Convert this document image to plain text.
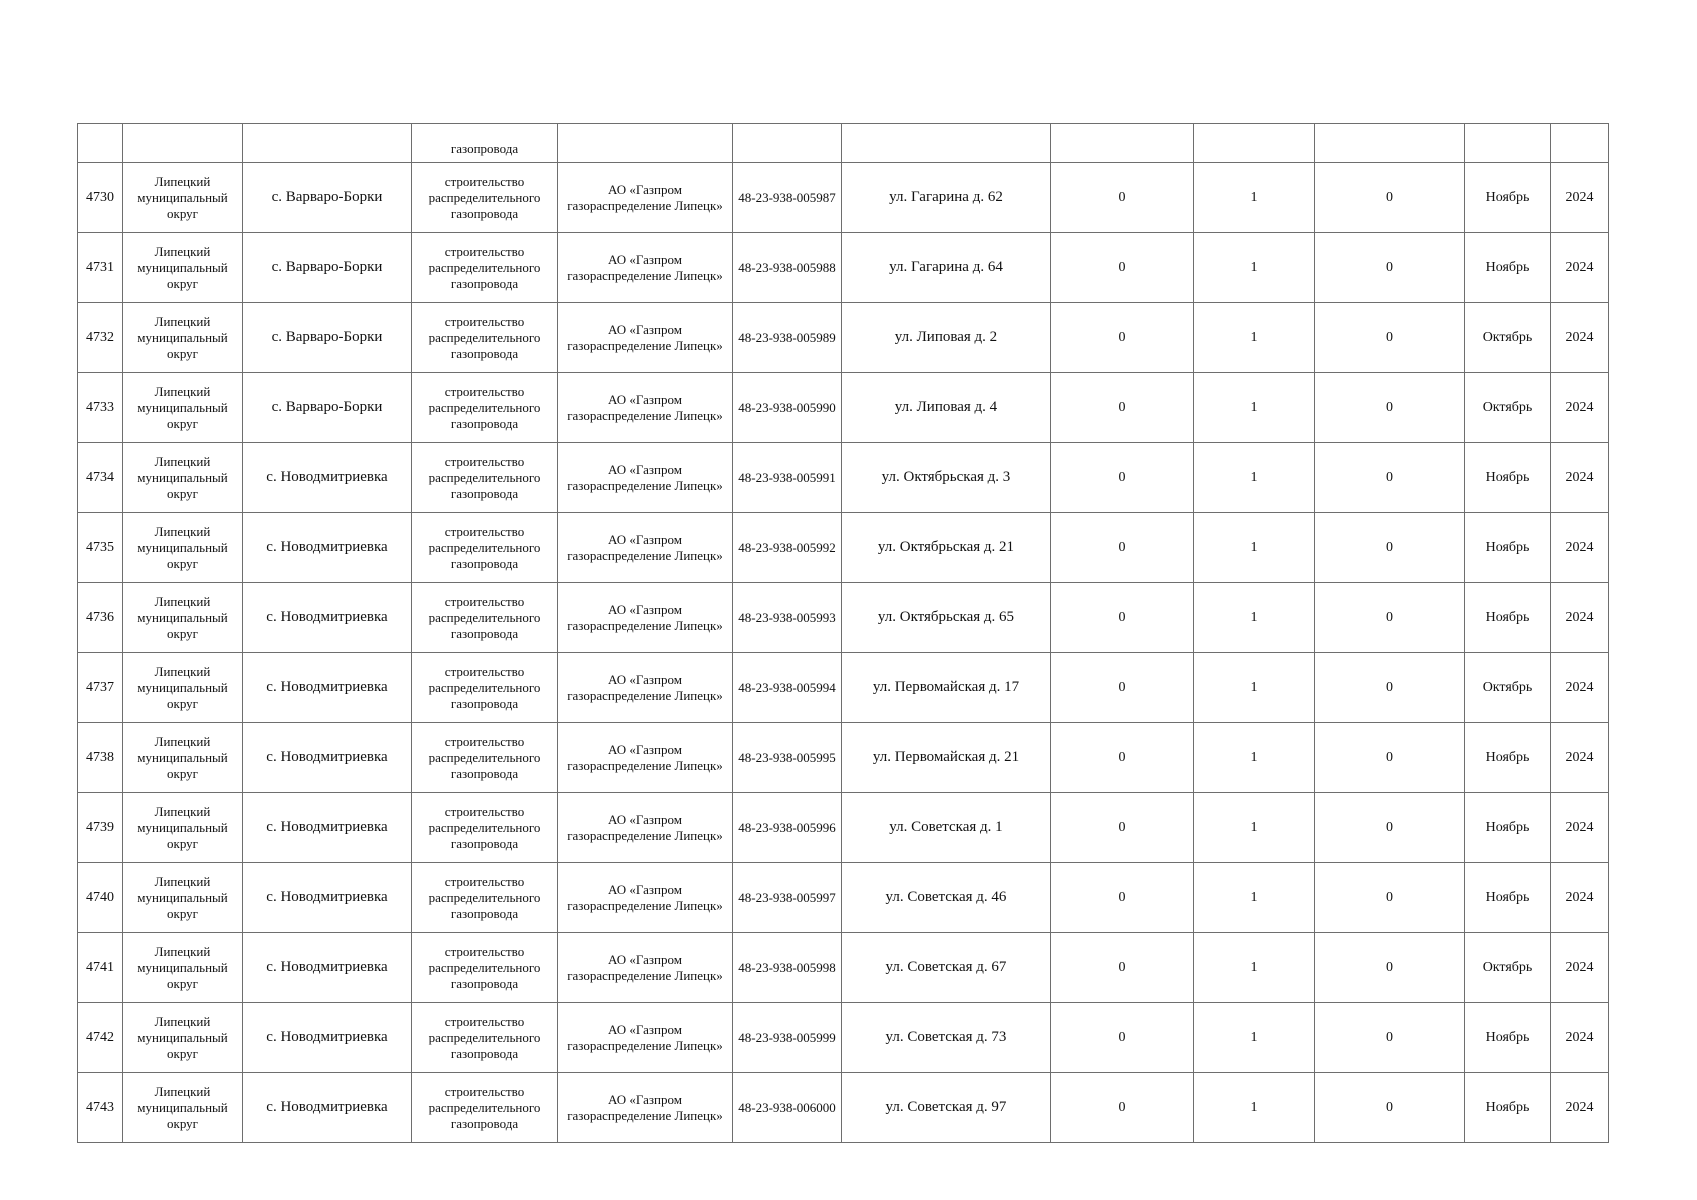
			газопровода								
4730	Липецкий муниципальный округ	с. Варваро-Борки	строительство распределительного газопровода	АО «Газпром газораспределение Липецк»	48-23-938-005987	ул. Гагарина д. 62	0	1	0	Ноябрь	2024
4731	Липецкий муниципальный округ	с. Варваро-Борки	строительство распределительного газопровода	АО «Газпром газораспределение Липецк»	48-23-938-005988	ул. Гагарина д. 64	0	1	0	Ноябрь	2024
4732	Липецкий муниципальный округ	с. Варваро-Борки	строительство распределительного газопровода	АО «Газпром газораспределение Липецк»	48-23-938-005989	ул. Липовая д. 2	0	1	0	Октябрь	2024
4733	Липецкий муниципальный округ	с. Варваро-Борки	строительство распределительного газопровода	АО «Газпром газораспределение Липецк»	48-23-938-005990	ул. Липовая д. 4	0	1	0	Октябрь	2024
4734	Липецкий муниципальный округ	с. Новодмитриевка	строительство распределительного газопровода	АО «Газпром газораспределение Липецк»	48-23-938-005991	ул. Октябрьская д. 3	0	1	0	Ноябрь	2024
4735	Липецкий муниципальный округ	с. Новодмитриевка	строительство распределительного газопровода	АО «Газпром газораспределение Липецк»	48-23-938-005992	ул. Октябрьская д. 21	0	1	0	Ноябрь	2024
4736	Липецкий муниципальный округ	с. Новодмитриевка	строительство распределительного газопровода	АО «Газпром газораспределение Липецк»	48-23-938-005993	ул. Октябрьская д. 65	0	1	0	Ноябрь	2024
4737	Липецкий муниципальный округ	с. Новодмитриевка	строительство распределительного газопровода	АО «Газпром газораспределение Липецк»	48-23-938-005994	ул. Первомайская д. 17	0	1	0	Октябрь	2024
4738	Липецкий муниципальный округ	с. Новодмитриевка	строительство распределительного газопровода	АО «Газпром газораспределение Липецк»	48-23-938-005995	ул. Первомайская д. 21	0	1	0	Ноябрь	2024
4739	Липецкий муниципальный округ	с. Новодмитриевка	строительство распределительного газопровода	АО «Газпром газораспределение Липецк»	48-23-938-005996	ул. Советская д. 1	0	1	0	Ноябрь	2024
4740	Липецкий муниципальный округ	с. Новодмитриевка	строительство распределительного газопровода	АО «Газпром газораспределение Липецк»	48-23-938-005997	ул. Советская д. 46	0	1	0	Ноябрь	2024
4741	Липецкий муниципальный округ	с. Новодмитриевка	строительство распределительного газопровода	АО «Газпром газораспределение Липецк»	48-23-938-005998	ул. Советская д. 67	0	1	0	Октябрь	2024
4742	Липецкий муниципальный округ	с. Новодмитриевка	строительство распределительного газопровода	АО «Газпром газораспределение Липецк»	48-23-938-005999	ул. Советская д. 73	0	1	0	Ноябрь	2024
4743	Липецкий муниципальный округ	с. Новодмитриевка	строительство распределительного газопровода	АО «Газпром газораспределение Липецк»	48-23-938-006000	ул. Советская д. 97	0	1	0	Ноябрь	2024
